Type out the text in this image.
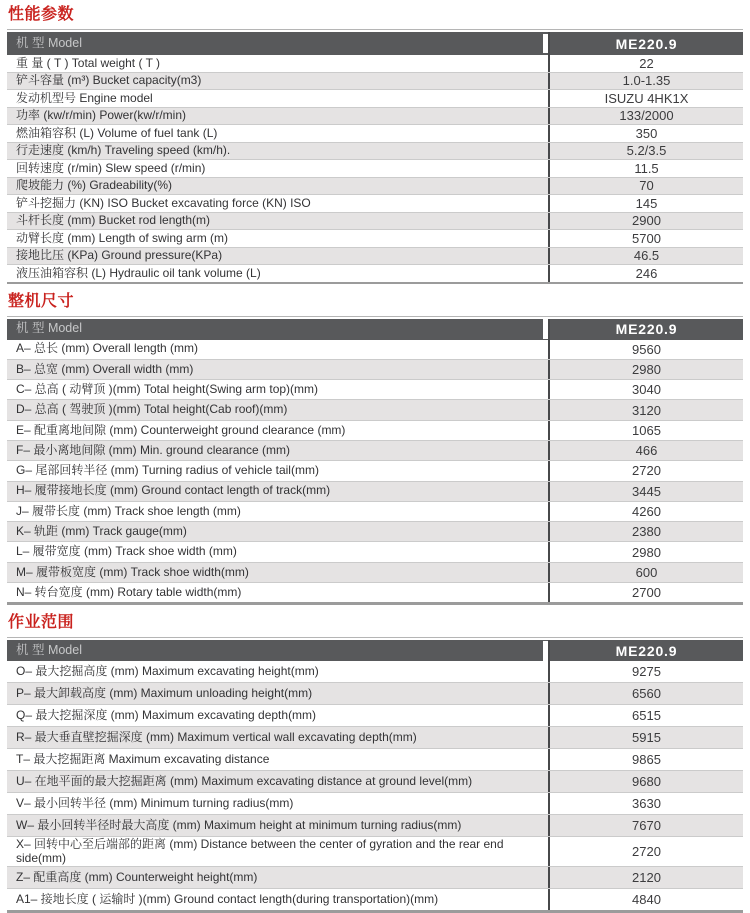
性能参数
机 型 Model	ME220.9
重 量 ( T ) Total weight ( T )	22
铲斗容量 (m³) Bucket capacity(m3)	1.0-1.35
发动机型号 Engine model	ISUZU 4HK1X
功率 (kw/r/min) Power(kw/r/min)	133/2000
燃油箱容积 (L) Volume of fuel tank (L)	350
行走速度 (km/h) Traveling speed (km/h).	5.2/3.5
回转速度 (r/min) Slew speed (r/min)	11.5
爬坡能力 (%) Gradeability(%)	70
铲斗挖掘力 (KN) ISO Bucket excavating force (KN) ISO	145
斗杆长度 (mm) Bucket rod length(m)	2900
动臂长度 (mm) Length of swing arm (m)	5700
接地比压 (KPa) Ground pressure(KPa)	46.5
液压油箱容积 (L) Hydraulic oil tank volume (L)	246
整机尺寸
机 型 Model	ME220.9
A– 总长 (mm) Overall length (mm)	9560
B– 总宽 (mm) Overall width (mm)	2980
C– 总高 ( 动臂顶 )(mm) Total height(Swing arm top)(mm)	3040
D– 总高 ( 驾驶顶 )(mm) Total height(Cab roof)(mm)	3120
E– 配重离地间隙 (mm) Counterweight ground clearance (mm)	1065
F– 最小离地间隙 (mm) Min. ground clearance (mm)	466
G– 尾部回转半径 (mm) Turning radius of vehicle tail(mm)	2720
H– 履带接地长度 (mm) Ground contact length of track(mm)	3445
J– 履带长度 (mm) Track shoe length (mm)	4260
K– 轨距 (mm) Track gauge(mm)	2380
L– 履带宽度 (mm) Track shoe width (mm)	2980
M– 履带板宽度 (mm) Track shoe width(mm)	600
N– 转台宽度 (mm) Rotary table width(mm)	2700
作业范围
机 型 Model	ME220.9
O– 最大挖掘高度 (mm) Maximum excavating height(mm)	9275
P– 最大卸载高度 (mm) Maximum unloading height(mm)	6560
Q– 最大挖掘深度 (mm) Maximum excavating depth(mm)	6515
R– 最大垂直壁挖掘深度 (mm) Maximum vertical wall excavating depth(mm)	5915
T– 最大挖掘距离 Maximum excavating distance	9865
U– 在地平面的最大挖掘距离 (mm) Maximum excavating distance at ground level(mm)	9680
V– 最小回转半径 (mm) Minimum turning radius(mm)	3630
W– 最小回转半径时最大高度 (mm) Maximum height at minimum turning radius(mm)	7670
X– 回转中心至后端部的距离 (mm) Distance between the center of gyration and the rear end side(mm)	2720
Z– 配重高度 (mm) Counterweight height(mm)	2120
A1– 接地长度 ( 运输时 )(mm) Ground contact length(during transportation)(mm)	4840
